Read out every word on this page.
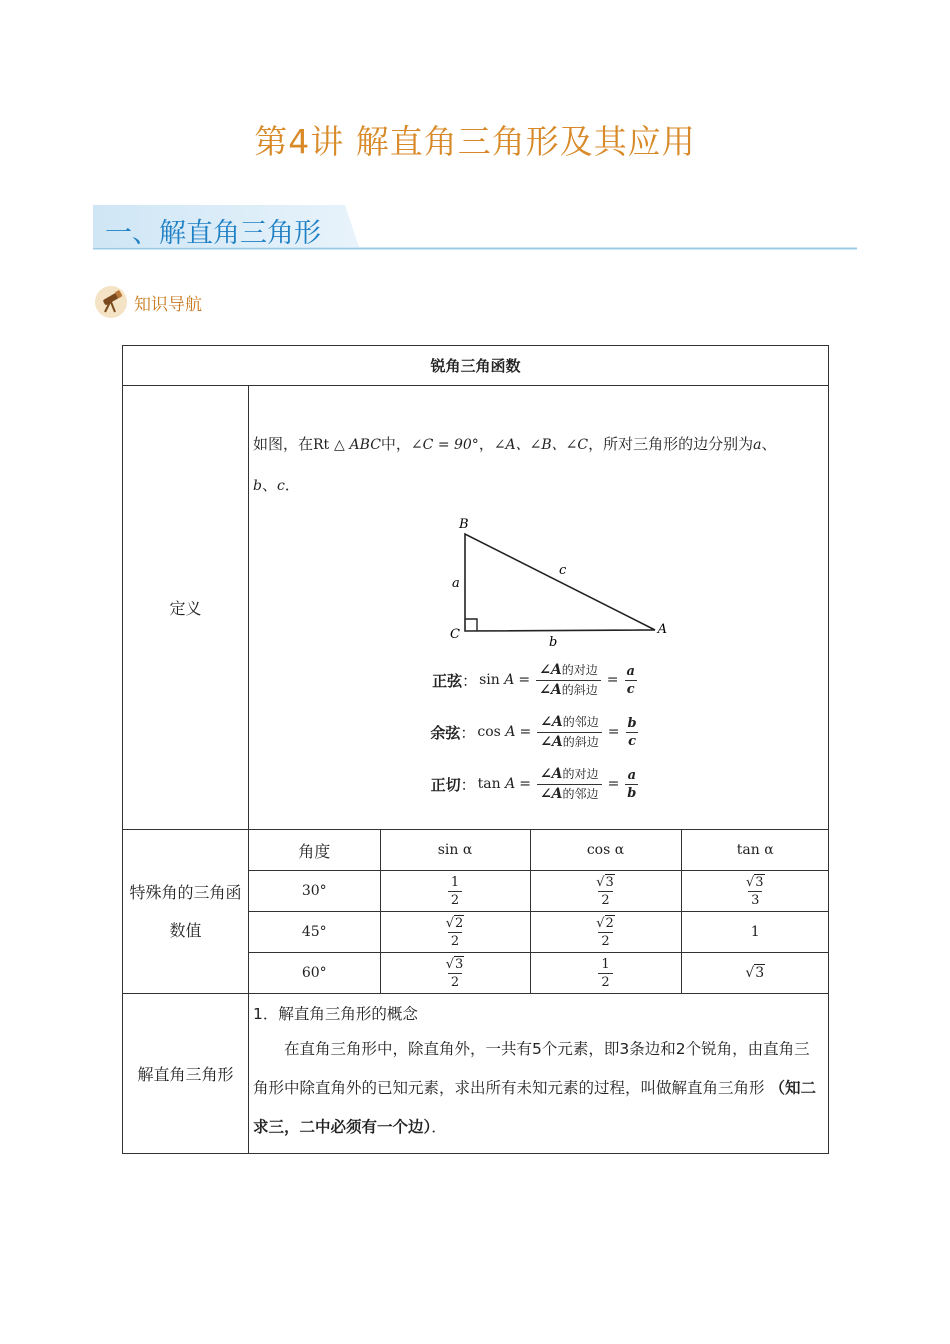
第4讲 解直角三角形及其应用
一、解直角三角形
知识导航
锐角三角函数
定义	
如图，在Rt △ ABC中，∠C = 90°，∠A、∠B、∠C，所对三角形的边分别为a、
b、c．
B
C	A
a
b
c
正弦 ： $\sin A = \frac{\text{∠A的对边}}{\text{∠A的斜边}} = \frac{a}{c}$
余弦 ： $\cos A = \frac{\text{∠A的邻边}}{\text{∠A的斜边}} = \frac{b}{c}$
正切 ： $\tan A = \frac{\text{∠A的对边}}{\text{∠A的邻边}} = \frac{a}{b}$

特殊角的三角函数值	
角度	sin α	cos α	tan α
30°	$\frac{1}{2}$	$\frac{√3}{2}$	$\frac{√3}{3}$

45°	$\frac{√2}{2}$	$\frac{√2}{2}$	1
60°	$\frac{√3}{2}$	$\frac{1}{2}$	√3

解直角三角形	
1．解直角三角形的概念
在直角三角形中，除直角外，一共有5个元素，即3条边和2个锐角，由直角三角形中除直角外的已知元素，求出所有未知元素的过程，叫做解直角三角形 （知二求三，二中必须有一个边）．
